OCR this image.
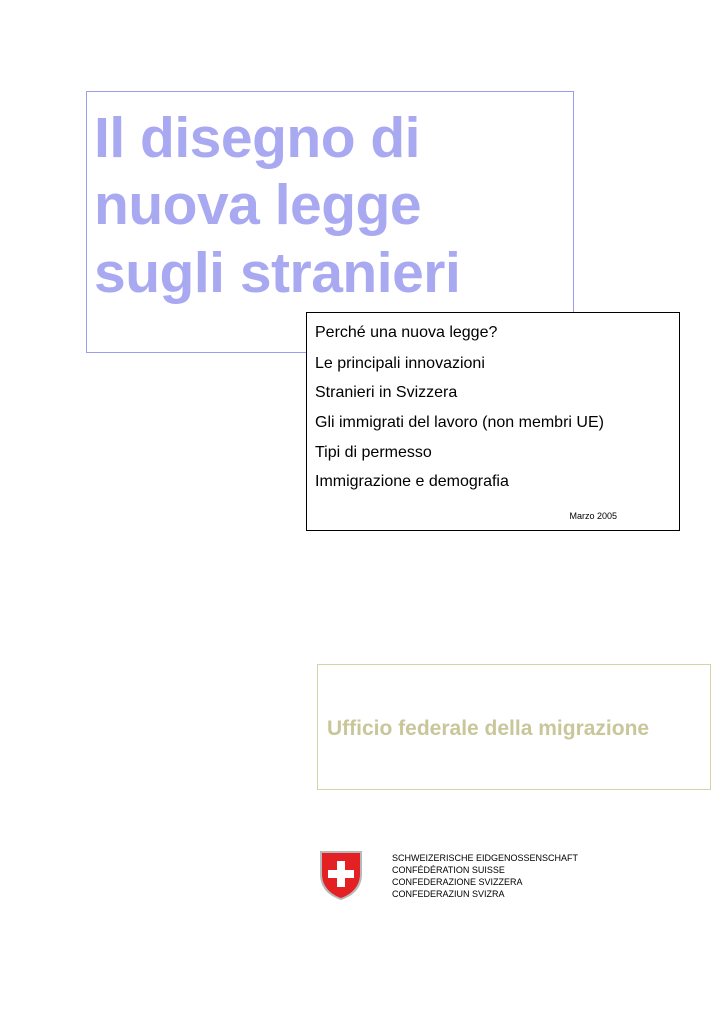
Il disegno di
nuova legge
sugli stranieri
Perché una nuova legge?
Le principali innovazioni
Stranieri in Svizzera
Gli immigrati del lavoro (non membri UE)
Tipi di permesso
Immigrazione e demografia
Marzo 2005
Ufficio federale della migrazione
SCHWEIZERISCHE EIDGENOSSENSCHAFT
CONFÉDÉRATION SUISSE
CONFEDERAZIONE SVIZZERA
CONFEDERAZIUN SVIZRA
